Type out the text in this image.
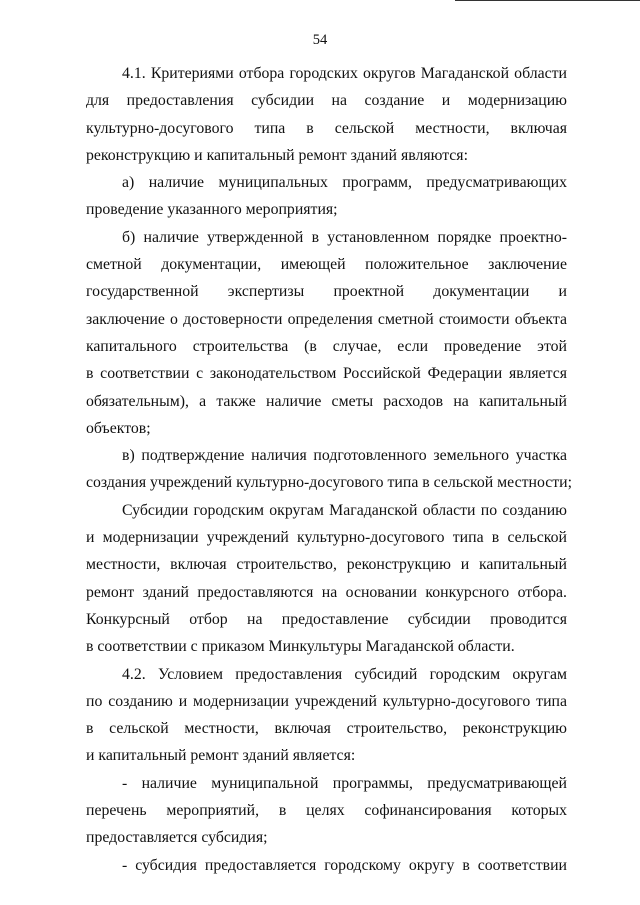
54
4.1. Критериями отбора городских округов Магаданской области
для предоставления субсидии на создание и модернизацию
культурно-досугового типа в сельской местности, включая
реконструкцию и капитальный ремонт зданий являются:
а) наличие муниципальных программ, предусматривающих
проведение указанного мероприятия;
б) наличие утвержденной в установленном порядке проектно-
сметной документации, имеющей положительное заключение
государственной экспертизы проектной документации и
заключение о достоверности определения сметной стоимости объекта
капитального строительства (в случае, если проведение этой
в соответствии с законодательством Российской Федерации является
обязательным), а также наличие сметы расходов на капитальный
объектов;
в) подтверждение наличия подготовленного земельного участка
создания учреждений культурно-досугового типа в сельской местности;
Субсидии городским округам Магаданской области по созданию
и модернизации учреждений культурно-досугового типа в сельской
местности, включая строительство, реконструкцию и капитальный
ремонт зданий предоставляются на основании конкурсного отбора.
Конкурсный отбор на предоставление субсидии проводится
в соответствии с приказом Минкультуры Магаданской области.
4.2. Условием предоставления субсидий городским округам
по созданию и модернизации учреждений культурно-досугового типа
в сельской местности, включая строительство, реконструкцию
и капитальный ремонт зданий является:
- наличие муниципальной программы, предусматривающей
перечень мероприятий, в целях софинансирования которых
предоставляется субсидия;
- субсидия предоставляется городскому округу в соответствии
